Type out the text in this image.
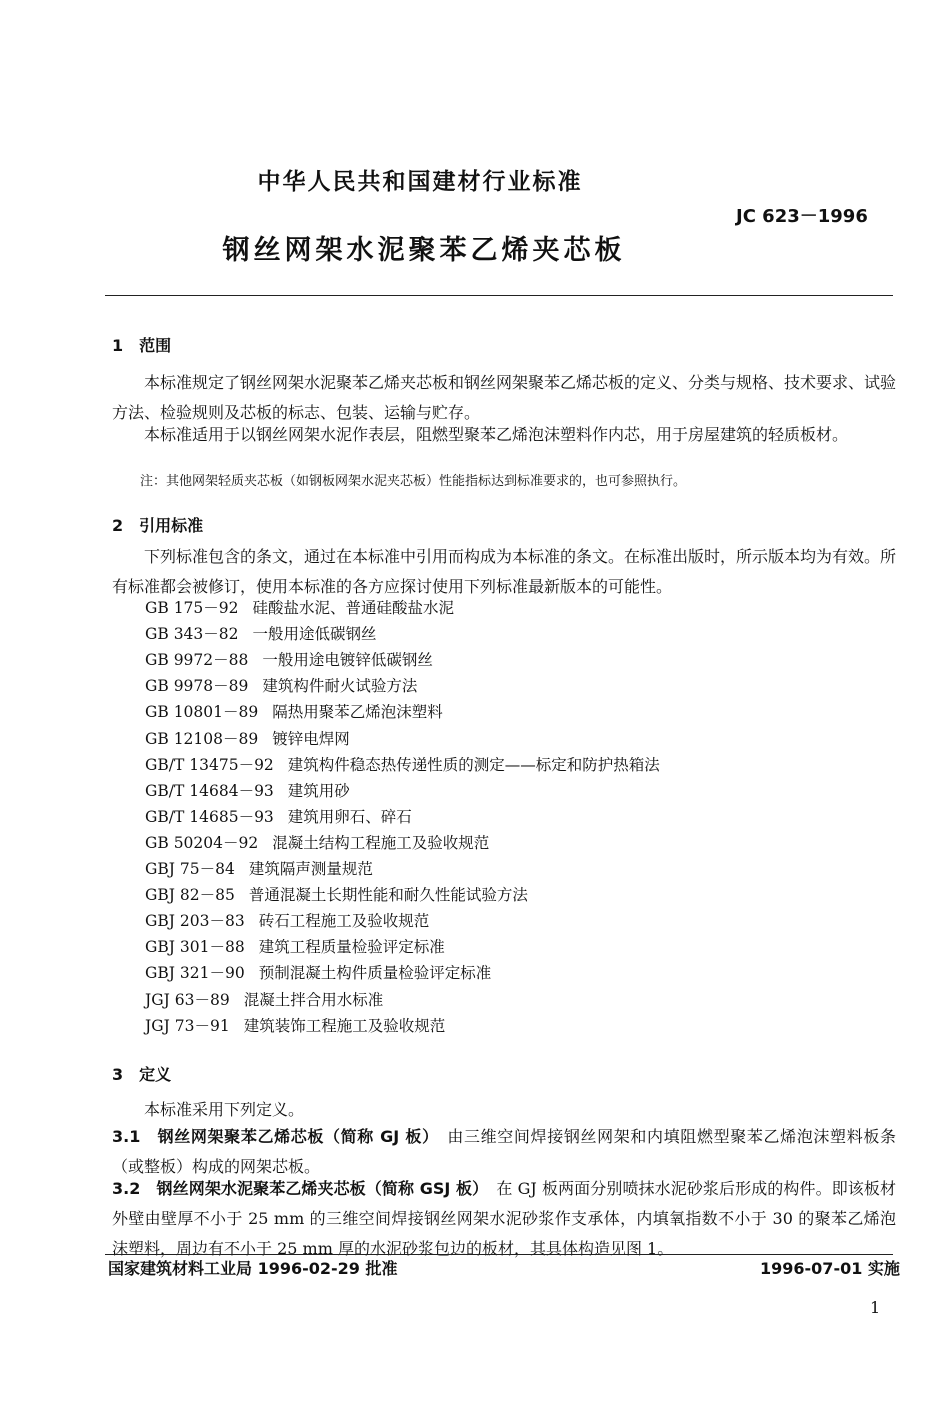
中华人民共和国建材行业标准
JC 623－1996
钢丝网架水泥聚苯乙烯夹芯板
1　范围
本标准规定了钢丝网架水泥聚苯乙烯夹芯板和钢丝网架聚苯乙烯芯板的定义、分类与规格、技术要求、试验方法、检验规则及芯板的标志、包装、运输与贮存。
本标准适用于以钢丝网架水泥作表层，阻燃型聚苯乙烯泡沫塑料作内芯，用于房屋建筑的轻质板材。
注：其他网架轻质夹芯板（如钢板网架水泥夹芯板）性能指标达到标准要求的，也可参照执行。
2　引用标准
下列标准包含的条文，通过在本标准中引用而构成为本标准的条文。在标准出版时，所示版本均为有效。所有标准都会被修订，使用本标准的各方应探讨使用下列标准最新版本的可能性。
GB 175－92 硅酸盐水泥、普通硅酸盐水泥
GB 343－82 一般用途低碳钢丝
GB 9972－88 一般用途电镀锌低碳钢丝
GB 9978－89 建筑构件耐火试验方法
GB 10801－89 隔热用聚苯乙烯泡沫塑料
GB 12108－89 镀锌电焊网
GB/T 13475－92 建筑构件稳态热传递性质的测定——标定和防护热箱法
GB/T 14684－93 建筑用砂
GB/T 14685－93 建筑用卵石、碎石
GB 50204－92 混凝土结构工程施工及验收规范
GBJ 75－84 建筑隔声测量规范
GBJ 82－85 普通混凝土长期性能和耐久性能试验方法
GBJ 203－83 砖石工程施工及验收规范
GBJ 301－88 建筑工程质量检验评定标准
GBJ 321－90 预制混凝土构件质量检验评定标准
JGJ 63－89 混凝土拌合用水标准
JGJ 73－91 建筑装饰工程施工及验收规范
3　定义
本标准采用下列定义。
3.1　钢丝网架聚苯乙烯芯板（简称 GJ 板）　 由三维空间焊接钢丝网架和内填阻燃型聚苯乙烯泡沫塑料板条（或整板）构成的网架芯板。
3.2　钢丝网架水泥聚苯乙烯夹芯板（简称 GSJ 板）　 在 GJ 板两面分别喷抹水泥砂浆后形成的构件。即该板材外壁由壁厚不小于 25 mm 的三维空间焊接钢丝网架水泥砂浆作支承体，内填氧指数不小于 30 的聚苯乙烯泡沫塑料，周边有不小于 25 mm 厚的水泥砂浆包边的板材，其具体构造见图 1。
国家建筑材料工业局 1996-02-29 批准	1996-07-01 实施
1
